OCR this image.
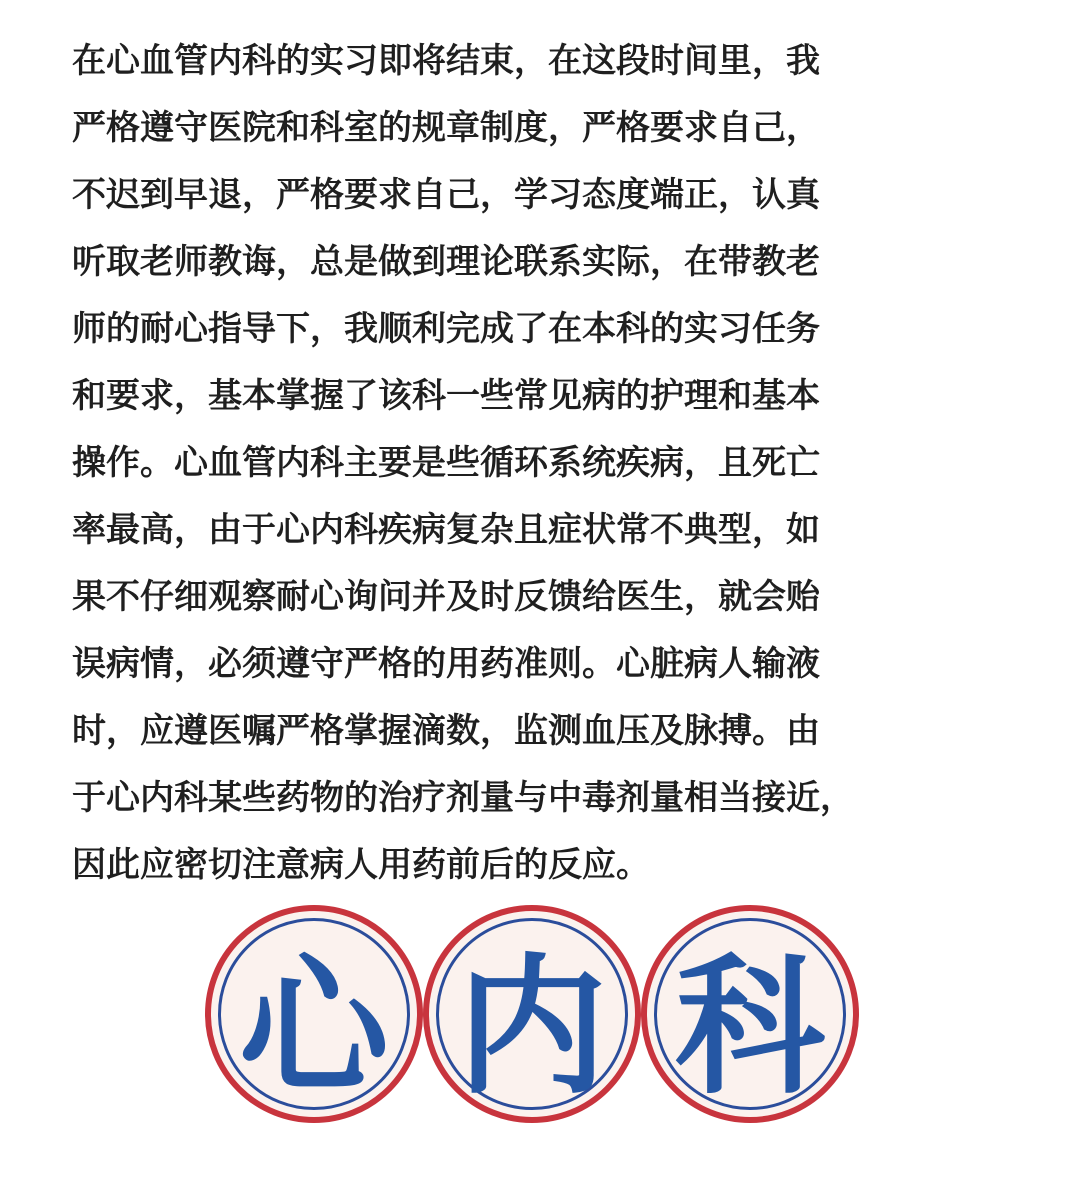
在心血管内科的实习即将结束，在这段时间里，我
严格遵守医院和科室的规章制度，严格要求自己，
不迟到早退，严格要求自己，学习态度端正，认真
听取老师教诲，总是做到理论联系实际，在带教老
师的耐心指导下，我顺利完成了在本科的实习任务
和要求，基本掌握了该科一些常见病的护理和基本
操作。心血管内科主要是些循环系统疾病，且死亡
率最高，由于心内科疾病复杂且症状常不典型，如
果不仔细观察耐心询问并及时反馈给医生，就会贻
误病情，必须遵守严格的用药准则。心脏病人输液
时，应遵医嘱严格掌握滴数，监测血压及脉搏。由
于心内科某些药物的治疗剂量与中毒剂量相当接近，
因此应密切注意病人用药前后的反应。
心 内 科
